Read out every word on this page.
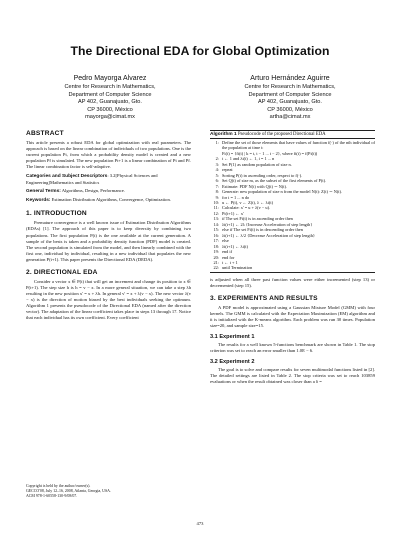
The Directional EDA for Global Optimization
Pedro Mayorga Alvarez
Centre for Research in Mathematics,
Department of Computer Science
AP 402, Guanajuato, Gto.
CP 36000, México
mayorga@cimat.mx
Arturo Hernández Aguirre
Centre for Research in Mathematics,
Department of Computer Science
AP 402, Guanajuato, Gto.
CP 36000, México
artha@cimat.mx
ABSTRACT

This article presents a robust EDA for global optimization with real parameters. The approach is based on the linear combination of individuals of two populations. One is the current population Pt, from which a probability density model is created and a new population Pf is simulated. The new population Pt+1 is a linear combination of Pt and Pf. The linear combination factor is self-adaptive.

Categories and Subject Descriptors: 3.2[Physical Sciences and Engineering]Mathematics and Statistics

General Terms: Algorithms, Design, Performance.

Keywords: Estimation Distribution Algorithms, Convergence, Optimization.

1. INTRODUCTION

Premature convergence is a well known issue of Estimation Distribution Algorithms (EDAs) [1]. The approach of this paper is to keep diversity by combining two populations. The first population P(t) is the one available at the current generation. A sample of the bests is taken and a probability density function (PDF) model is created. The second population is simulated from the model, and then linearly combined with the first one, individual by individual, resulting in a new individual that populates the new generation P(t+1). This paper presents the Directional EDA (DEDA).

2. DIRECTIONAL EDA

Consider a vector x ∈ P(t) that will get an increment and change its position to x ∈ P(t+1). The step size h is h = v − x. In a more general situation, we can take a step λh resulting in the new position x' = x + λh. In general v' = x + λ(v − x). The new vector λ(v − x) is the direction of motion biased by the best individuals seeking the optimum. Algorithm 1 presents the pseudocode of the Directional EDA (named after the direction vector). The adaptation of the linear coefficient takes place in steps 13 through 17. Notice that each individual has its own coefficient. Every coefficient

Algorithm 1 Pseudocode of the proposed Directional EDA
1: Define the set of those elements that have values of function f(·) of the nth individual of the population at time t:
Fi(t) = {fi(t) | k = t, t − 1 ... t − 2}, where fi(t) = f(Pi(t))
2: t ← 1 and λi(t) ← 1, i = 1 ... n
3: Set P(1) as random population of size n.
4: repeat
5: Sorting P(t) in ascending order, respect to f(·).
6: Set Q(t) of size m, as the subset of the first elements of P(t).
7: Estimate: PDF N(t) with Q(t) ∼ N(t).
8: Generate: new population of size n from the model N(t): Z(t) ∼ N(t).
9: for i = 1 ... n do
10: u ← P(t), v ← Z(t), λ ← λi(t)
11: Calculate: x' = u + λ(v − u).
12: Pi(t+1) ← x'
13: if The set Fi(t) is in ascending order then
14: λi(t+1) ← 2λ {Increase Acceleration of step length}
15: else if The set Fi(t) is in descending order then
16: λi(t+1) ← λ/2 {Decrease Acceleration of step length}
17: else
18: λi(t+1) ← λi(t)
19: end if
20: end for
21: t ← t + 1
22: until Termination

is adjusted when all three past function values were either incremented (step 13) or decremented (step 15).

3. EXPERIMENTS AND RESULTS

A PDF model is approximated using a Gaussian Mixture Model (GMM) with four kernels. The GMM is calculated with the Expectation Maximization (EM) algorithm and it is initialized with the K-means algorithm. Each problem was run 30 times. Population size=20, and sample size=15.

3.1 Experiment 1

The results for a well known 5-functions benchmark are shown in Table 1. The stop criterion was set to reach an error smaller than 1.0E − 6.

3.2 Experiment 2

The goal is to solve and compare results for seven multimodal functions listed in [2]. The detailed settings are listed in Table 2. The stop criteria was set to reach 103859 evaluations or when the result obtained was closer than a δ =

Copyright is held by the author/owner(s).
GECCO'08, July 12–16, 2008, Atlanta, Georgia, USA.
ACM 978-1-60558-130-9/08/07.
473
